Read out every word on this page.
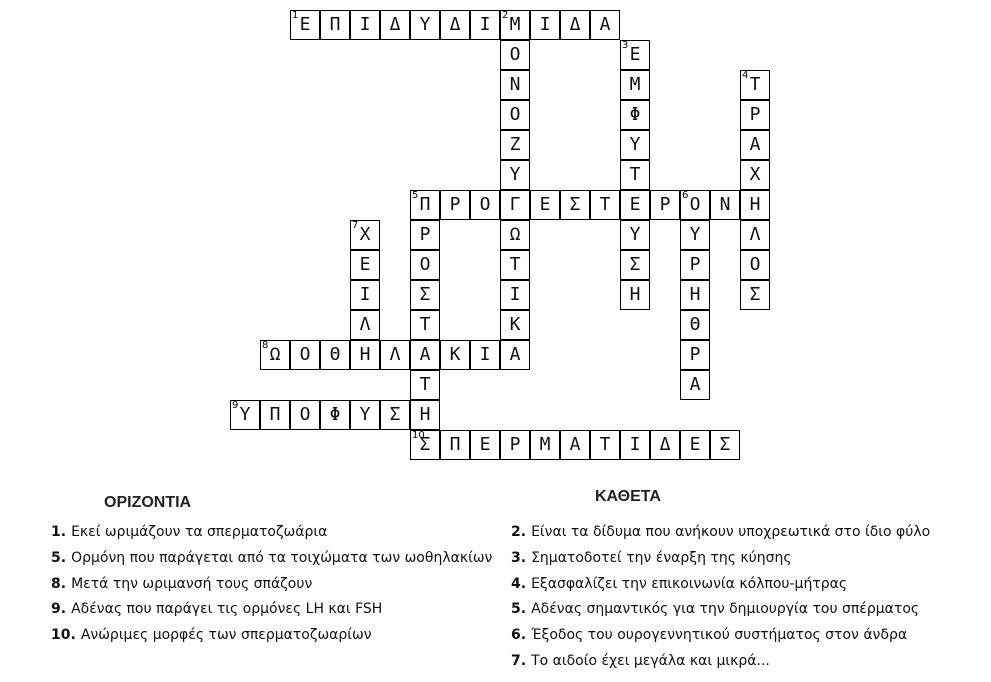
1 Ε	Π	Ι	Δ	Υ	Δ	Ι	2 Μ	Ι	Δ	Α
Ο
Ν
Ο
Ζ
Υ
Γ
Ω
Τ
Ι
Κ
Α
3 Ε
Μ
Φ
Υ
Τ
Ε
Υ
Σ
Η
4 Τ
Ρ
Α
Χ
Η
Λ
Ο
Σ
5 Π	Ρ	Ο	Ε	Σ	Τ	Ρ	6 Ο	Ν
Ρ
Ο
Σ
Τ
Α
Τ
Η
Υ
Ρ
Η
Θ
Ρ
Α
7 Χ
Ε
Ι
Λ
8 Ω	Ο	Θ	Η	Λ	Κ	Ι
9 Υ	Π	Ο	Φ	Υ	Σ
10
Σ	Π	Ε	Ρ	Μ	Α	Τ	Ι	Δ	Ε	Σ
ΟΡΙΖΟΝΤΙΑ	ΚΑΘΕΤΑ
1. Εκεί ωριμάζουν τα σπερματοζωάρια
5. Ορμόνη που παράγεται από τα τοιχώματα των ωοθηλακίων
8. Μετά την ωριμανσή τους σπάζουν
9. Αδένας που παράγει τις ορμόνες LH και FSH
10. Ανώριμες μορφές των σπερματοζωαρίων
2. Είναι τα δίδυμα που ανήκουν υποχρεωτικά στο ίδιο φύλο
3. Σηματοδοτεί την έναρξη της κύησης
4. Εξασφαλίζει την επικοινωνία κόλπου-μήτρας
5. Αδένας σημαντικός για την δημιουργία του σπέρματος
6. Έξοδος του ουρογεννητικού συστήματος στον άνδρα
7. Το αιδοίο έχει μεγάλα και μικρά...
